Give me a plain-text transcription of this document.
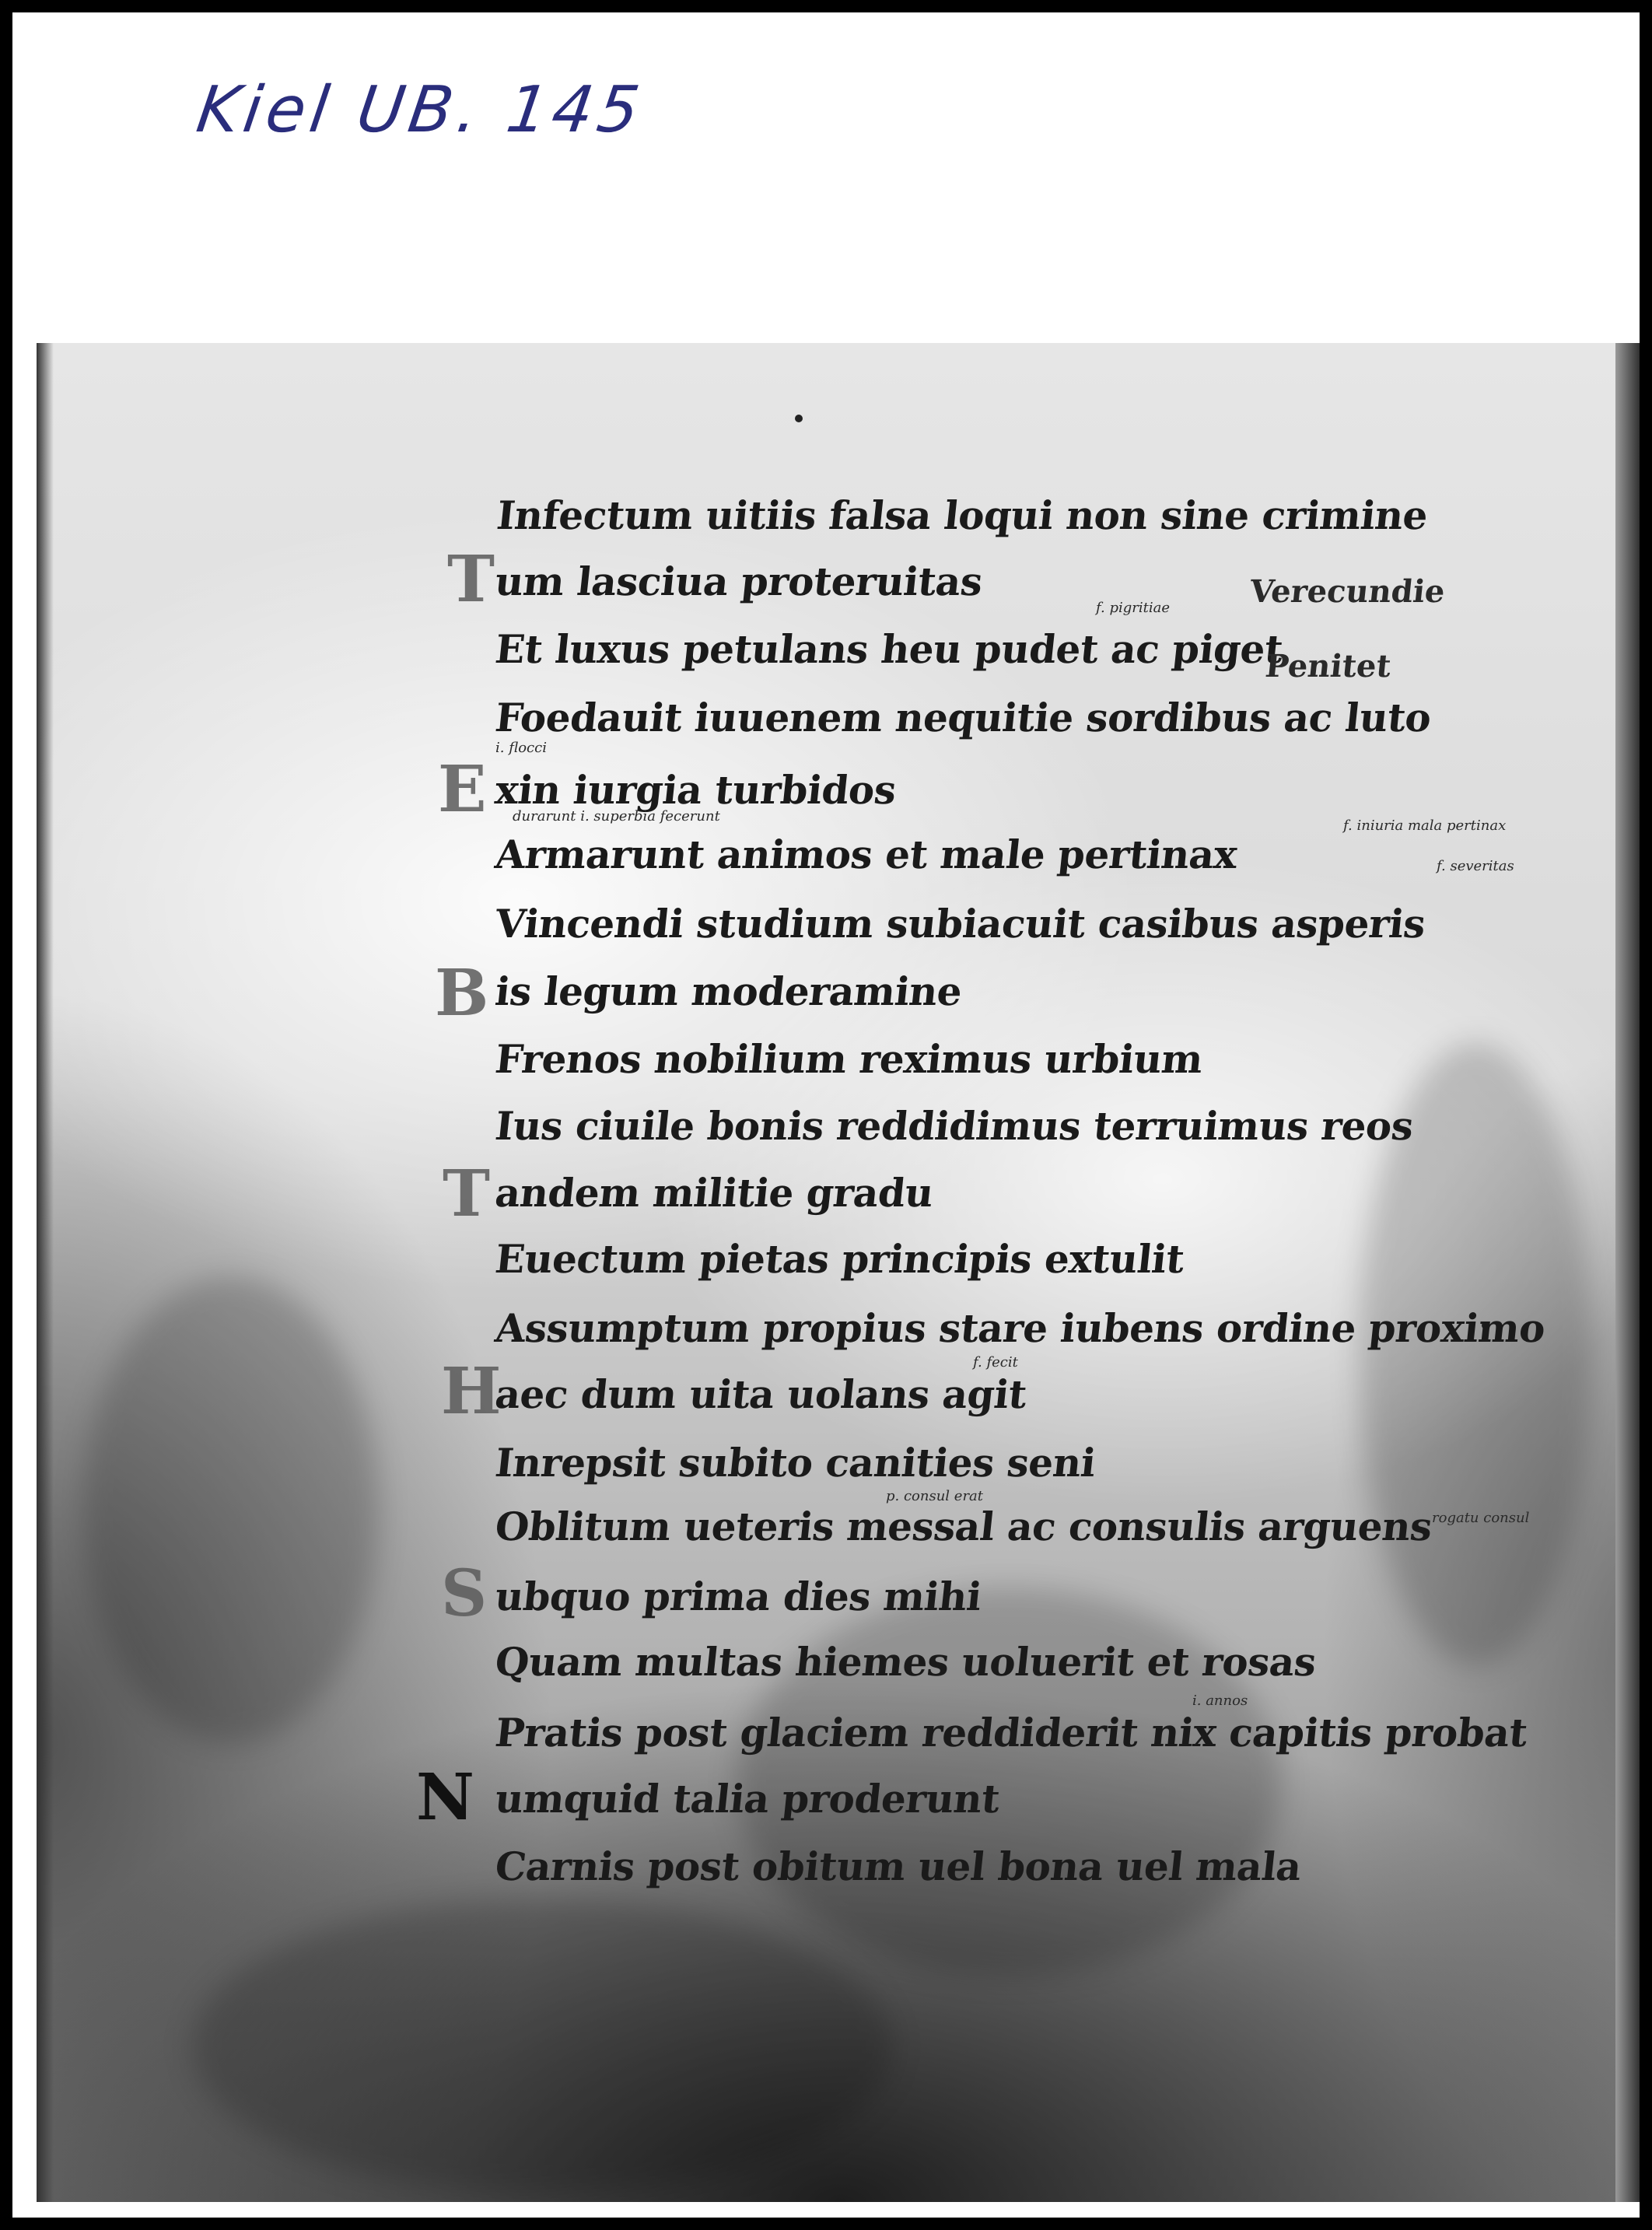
Kiel UB. 145
T
E
B
T
H
S
N
Infectum uitiis falsa loqui non sine crimine
um lasciua proteruitas
Et luxus petulans heu pudet ac piget
Foedauit iuuenem nequitie sordibus ac luto
xin iurgia turbidos
Armarunt animos et male pertinax
Vincendi studium subiacuit casibus asperis
is legum moderamine
Frenos nobilium reximus urbium
Ius ciuile bonis reddidimus terruimus reos
andem militie gradu
Euectum pietas principis extulit
Assumptum propius stare iubens ordine proximo
aec dum uita uolans agit
Inrepsit subito canities seni
Oblitum ueteris messal ac consulis arguens
ubquo prima dies mihi
Quam multas hiemes uoluerit et rosas
Pratis post glaciem reddiderit nix capitis probat
umquid talia proderunt
Carnis post obitum uel bona uel mala
f. pigritiae
i. flocci
durarunt i. superbia fecerunt
f. iniuria mala pertinax
f. severitas
f. fecit
p. consul erat
rogatu consul
i. annos
Verecundie
Penitet
